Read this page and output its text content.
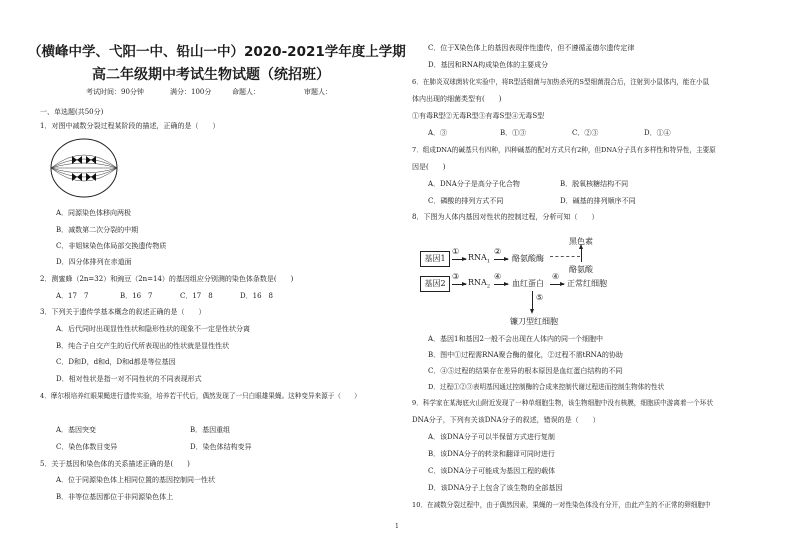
（横峰中学、弋阳一中、铅山一中）2020-2021学年度上学期
高二年级期中考试生物试题（统招班）
考试时间：90分钟	满分：100分	命题人：	审题人：
一、单选题(共50分)
1．对图中减数分裂过程某阶段的描述，正确的是（　　）
A．同源染色体移向两极
B．减数第二次分裂的中期
C．非姐妹染色体局部交换遗传物质
D．四分体排列在赤道面
2．测蜜蜂（2n=32）和豌豆（2n=14）的基因组应分别测的染色体条数是(　　)
A．17　7	B．16　7	C．17　8	D．16　8
3．下列关于遗传学基本概念的叙述正确的是（　　）
A．后代同时出现显性性状和隐形性状的现象不一定是性状分离
B．纯合子自交产生的后代所表现出的性状就是显性性状
C．D和D，d和d，D和d都是等位基因
D．相对性状是指一对不同性状的不同表现形式
4．摩尔根培养红眼果蝇进行遗传实验，培养若干代后，偶然发现了一只白眼雄果蝇。这种变异来源于（　　）
A．基因突变	B．基因重组
C．染色体数目变异	D．染色体结构变异
5．关于基因和染色体的关系描述正确的是(　　)
A．位于同源染色体上相同位置的基因控制同一性状
B．非等位基因都位于非同源染色体上
C．位于X染色体上的基因表现伴性遗传，但不遵循孟德尔遗传定律
D．基因和RNA构成染色体的主要成分
6．在肺炎双球菌转化实验中，将R型活细菌与加热杀死的S型细菌混合后，注射到小鼠体内，能在小鼠
体内出现的细菌类型有(　　)
①有毒R型②无毒R型③有毒S型④无毒S型
A．③	B．①③	C．②③	D．①④
7．组成DNA的碱基只有四种，四种碱基的配对方式只有2种，但DNA分子具有多样性和特异性，主要原
因是(　　)
A．DNA分子是高分子化合物	B．脱氧核糖结构不同
C．磷酸的排列方式不同	D．碱基的排列顺序不同
8．下图为人体内基因对性状的控制过程，分析可知（　　）
基因1
基因2
①
$RNA_1$
②
酪氨酸酶
黑色素
酪氨酸
③
$RNA_2$
④
血红蛋白
④
正常红细胞
⑤
镰刀型红细胞
A．基因1和基因2一般不会出现在人体内的同一个细胞中
B．图中①过程需RNA聚合酶的催化，②过程不需tRNA的协助
C．④⑤过程的结果存在差异的根本原因是血红蛋白结构的不同
D．过程①②③表明基因通过控制酶的合成来控制代谢过程进而控制生物体的性状
9．科学家在某海底火山附近发现了一种单细胞生物，该生物细胞中没有核膜，细胞质中游离着一个环状
DNA分子，下列有关该DNA分子的叙述，错误的是（　　）
A．该DNA分子可以半保留方式进行复制
B．该DNA分子的转录和翻译可同时进行
C．该DNA分子可能成为基因工程的载体
D．该DNA分子上包含了该生物的全部基因
10．在减数分裂过程中，由于偶然因素，果蝇的一对性染色体没有分开，由此产生的不正常的卵细胞中
1
